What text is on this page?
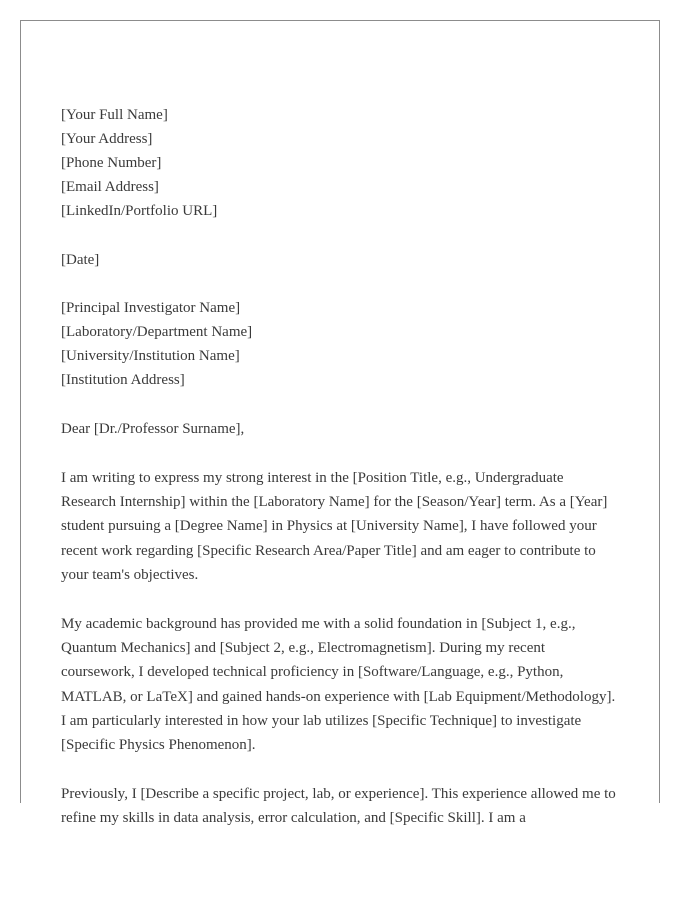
[Your Full Name]

[Your Address]

[Phone Number]

[Email Address]

[LinkedIn/Portfolio URL]

[Date]

[Principal Investigator Name]

[Laboratory/Department Name]

[University/Institution Name]

[Institution Address]

Dear [Dr./Professor Surname],

I am writing to express my strong interest in the [Position Title, e.g., Undergraduate Research Internship] within the [Laboratory Name] for the [Season/Year] term. As a [Year] student pursuing a [Degree Name] in Physics at [University Name], I have followed your recent work regarding [Specific Research Area/Paper Title] and am eager to contribute to your team's objectives.

My academic background has provided me with a solid foundation in [Subject 1, e.g., Quantum Mechanics] and [Subject 2, e.g., Electromagnetism]. During my recent coursework, I developed technical proficiency in [Software/Language, e.g., Python, MATLAB, or LaTeX] and gained hands-on experience with [Lab Equipment/Methodology]. I am particularly interested in how your lab utilizes [Specific Technique] to investigate [Specific Physics Phenomenon].

Previously, I [Describe a specific project, lab, or experience]. This experience allowed me to refine my skills in data analysis, error calculation, and [Specific Skill]. I am a
